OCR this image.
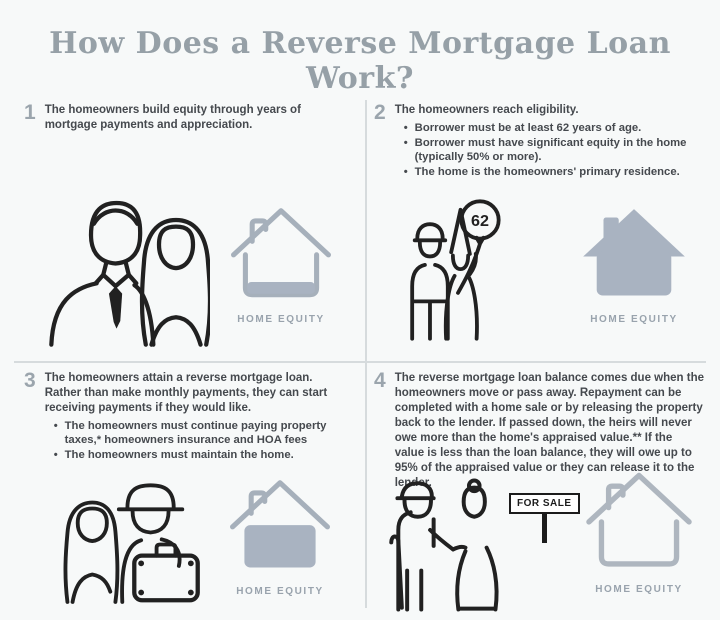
How Does a Reverse Mortgage Loan Work?
1 The homeowners build equity through years of mortgage payments and appreciation.

HOME EQUITY
2 The homeowners reach eligibility.

• Borrower must be at least 62 years of age.
• Borrower must have significant equity in the home (typically 50% or more).
• The home is the homeowners' primary residence.
62
HOME EQUITY
3 The homeowners attain a reverse mortgage loan. Rather than make monthly payments, they can start receiving payments if they would like.

• The homeowners must continue paying property taxes,* homeowners insurance and HOA fees
• The homeowners must maintain the home.
HOME EQUITY
4 The reverse mortgage loan balance comes due when the homeowners move or pass away. Repayment can be completed with a home sale or by releasing the property back to the lender. If passed down, the heirs will never owe more than the home's appraised value.** If the value is less than the loan balance, they will owe up to 95% of the appraised value or they can release it to the lender.

FOR SALE
HOME EQUITY
